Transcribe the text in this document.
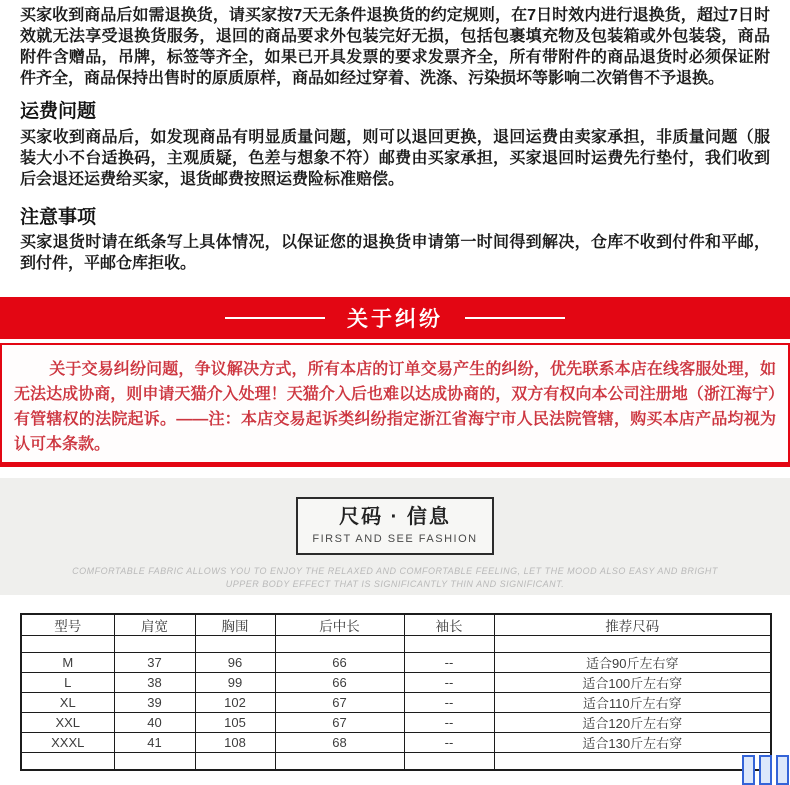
买家收到商品后如需退换货，请买家按7天无条件退换货的约定规则，在7日时效内进行退换货，超过7日时效就无法享受退换货服务，退回的商品要求外包装完好无损，包括包裹填充物及包装箱或外包装袋，商品附件含赠品，吊牌，标签等齐全，如果已开具发票的要求发票齐全，所有带附件的商品退货时必须保证附件齐全，商品保持出售时的原质原样，商品如经过穿着、洗涤、污染损坏等影响二次销售不予退换。

运费问题

买家收到商品后，如发现商品有明显质量问题，则可以退回更换，退回运费由卖家承担，非质量问题（服装大小不台适换码，主观质疑，色差与想象不符）邮费由买家承担，买家退回时运费先行垫付，我们收到后会退还运费给买家，退货邮费按照运费险标准赔偿。

注意事项

买家退货时请在纸条写上具体情况，以保证您的退换货申请第一时间得到解决，仓库不收到付件和平邮，到付件，平邮仓库拒收。

关于纠纷

关于交易纠纷问题，争议解决方式，所有本店的订单交易产生的纠纷，优先联系本店在线客服处理，如无法达成协商，则申请天猫介入处理！天猫介入后也难以达成协商的，双方有权向本公司注册地（浙江海宁）有管辖权的法院起诉。——注：本店交易起诉类纠纷指定浙江省海宁市人民法院管辖，购买本店产品均视为认可本条款。

尺码 · 信息
FIRST AND SEE FASHION
COMFORTABLE FABRIC ALLOWS YOU TO ENJOY THE RELAXED AND COMFORTABLE FEELING, LET THE MOOD ALSO EASY AND BRIGHT
UPPER BODY EFFECT THAT IS SIGNIFICANTLY THIN AND SIGNIFICANT.
型号	肩宽	胸围	后中长	袖长	推荐尺码

M	37	96	66	--	适合90斤左右穿
L	38	99	66	--	适合100斤左右穿
XL	39	102	67	--	适合110斤左右穿
XXL	40	105	67	--	适合120斤左右穿
XXXL	41	108	68	--	适合130斤左右穿
